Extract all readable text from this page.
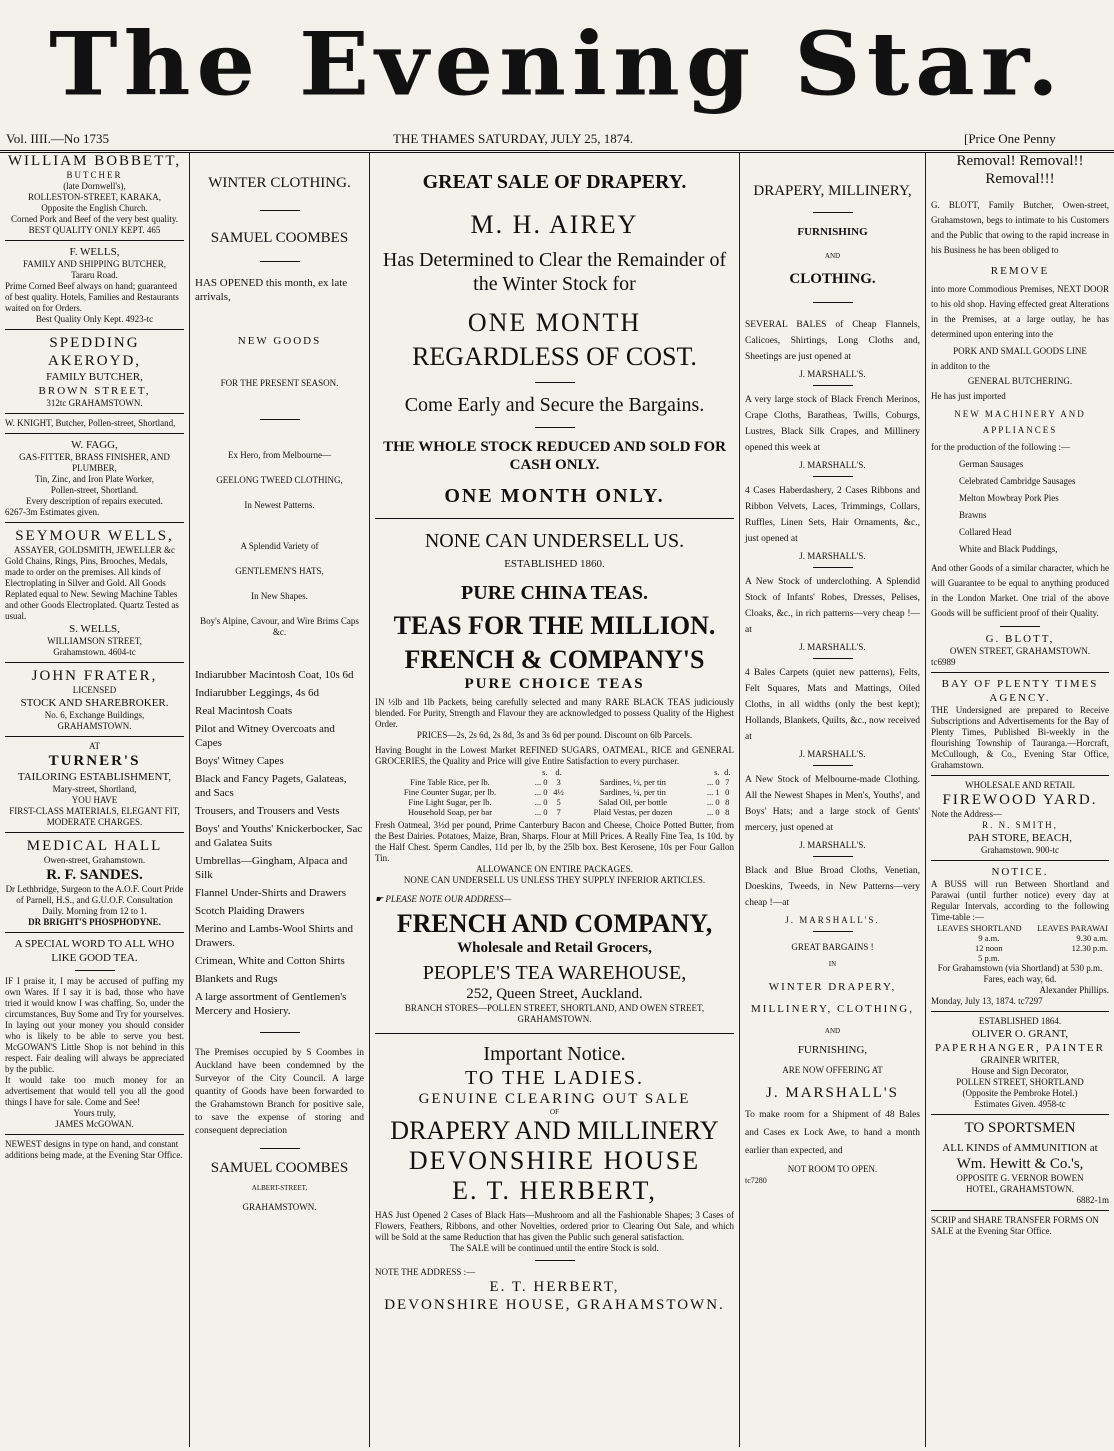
The Evening Star.
Vol. IIII.—No 1735	THE THAMES SATURDAY, JULY 25, 1874.	[Price One Penny

WILLIAM BOBBETT,

BUTCHER

(late Dornwell's),

ROLLESTON-STREET, KARAKA,

Opposite the English Church.

Corned Pork and Beef of the very best quality.

BEST QUALITY ONLY KEPT. 465

F. WELLS,

FAMILY AND SHIPPING BUTCHER,

Tararu Road.

Prime Corned Beef always on hand; guaranteed of best quality. Hotels, Families and Restaurants waited on for Orders.

Best Quality Only Kept. 4923-tc

SPEDDING AKEROYD,

FAMILY BUTCHER,

BROWN STREET,

312tc GRAHAMSTOWN.

W. KNIGHT, Butcher, Pollen-street, Shortland,

W. FAGG,

GAS-FITTER, BRASS FINISHER, AND PLUMBER,

Tin, Zinc, and Iron Plate Worker,

Pollen-street, Shortland.

Every description of repairs executed.

6267-3m Estimates given.

SEYMOUR WELLS,

ASSAYER, GOLDSMITH, JEWELLER &c

Gold Chains, Rings, Pins, Brooches, Medals, made to order on the premises. All kinds of Electroplating in Silver and Gold. All Goods Replated equal to New. Sewing Machine Tables and other Goods Electroplated. Quartz Tested as usual.

S. WELLS,

WILLIAMSON STREET,

Grahamstown. 4604-tc

JOHN FRATER,

LICENSED

STOCK AND SHAREBROKER.

No. 6, Exchange Buildings,

GRAHAMSTOWN.

AT

TURNER'S

TAILORING ESTABLISHMENT,

Mary-street, Shortland,

YOU HAVE

FIRST-CLASS MATERIALS, ELEGANT FIT, MODERATE CHARGES.

MEDICAL HALL

Owen-street, Grahamstown.

R. F. SANDES.

Dr Lethbridge, Surgeon to the A.O.F. Court Pride of Parnell, H.S., and G.U.O.F. Consultation Daily. Morning from 12 to 1.

DR BRIGHT'S PHOSPHODYNE.

A SPECIAL WORD TO ALL WHO LIKE GOOD TEA.

IF I praise it, I may be accused of puffing my own Wares. If I say it is bad, those who have tried it would know I was chaffing. So, under the circumstances, Buy Some and Try for yourselves.

In laying out your money you should consider who is likely to be able to serve you best. McGOWAN'S Little Shop is not behind in this respect. Fair dealing will always be appreciated by the public.

It would take too much money for an advertisement that would tell you all the good things I have for sale. Come and See!

Yours truly,

JAMES McGOWAN.

NEWEST designs in type on hand, and constant additions being made, at the Evening Star Office.

WINTER CLOTHING.

SAMUEL COOMBES

HAS OPENED this month, ex late arrivals,

NEW GOODS

FOR THE PRESENT SEASON.

Ex Hero, from Melbourne—

GEELONG TWEED CLOTHING,

In Newest Patterns.

A Splendid Variety of

GENTLEMEN'S HATS,

In New Shapes.

Boy's Alpine, Cavour, and Wire Brims Caps &c.

Indiarubber Macintosh Coat, 10s 6d

Indiarubber Leggings, 4s 6d

Real Macintosh Coats

Pilot and Witney Overcoats and Capes

Boys' Witney Capes

Black and Fancy Pagets, Galateas, and Sacs

Trousers, and Trousers and Vests

Boys' and Youths' Knickerbocker, Sac and Galatea Suits

Umbrellas—Gingham, Alpaca and Silk

Flannel Under-Shirts and Drawers

Scotch Plaiding Drawers

Merino and Lambs-Wool Shirts and Drawers.

Crimean, White and Cotton Shirts

Blankets and Rugs

A large assortment of Gentlemen's Mercery and Hosiery.

The Premises occupied by S Coombes in Auckland have been condemned by the Surveyor of the City Council. A large quantity of Goods have been forwarded to the Grahamstown Branch for positive sale, to save the expense of storing and consequent depreciation

SAMUEL COOMBES

ALBERT-STREET,

GRAHAMSTOWN.

GREAT SALE OF DRAPERY.

M. H. AIREY

Has Determined to Clear the Remainder of the Winter Stock for

ONE MONTH

REGARDLESS OF COST.

Come Early and Secure the Bargains.

THE WHOLE STOCK REDUCED AND SOLD FOR CASH ONLY.

ONE MONTH ONLY.

NONE CAN UNDERSELL US.

ESTABLISHED 1860.

PURE CHINA TEAS.

TEAS FOR THE MILLION.

FRENCH & COMPANY'S

PURE CHOICE TEAS

IN ½lb and 1lb Packets, being carefully selected and many RARE BLACK TEAS judiciously blended. For Purity, Strength and Flavour they are acknowledged to possess Quality of the Highest Order.

PRICES—2s, 2s 6d, 2s 8d, 3s and 3s 6d per pound. Discount on 6lb Parcels.

Having Bought in the Lowest Market REFINED SUGARS, OATMEAL, RICE and GENERAL GROCERIES, the Quality and Price will give Entire Satisfaction to every purchaser.

	s.	d.		s.	d.
Fine Table Rice, per lb.	... 0	3	Sardines, ½, per tin	... 0	7
Fine Counter Sugar, per lb.	... 0	4½	Sardines, ¼, per tin	... 1	0
Fine Light Sugar, per lb.	... 0	5	Salad Oil, per bottle	... 0	8
Household Soap, per bar	... 0	7	Plaid Vestas, per dozen	... 0	8

Fresh Oatmeal, 3½d per pound, Prime Canterbury Bacon and Cheese, Choice Potted Butter, from the Best Dairies. Potatoes, Maize, Bran, Sharps. Flour at Mill Prices. A Really Fine Tea, 1s 10d. by the Half Chest. Sperm Candles, 11d per lb, by the 25lb box. Best Kerosene, 10s per Four Gallon Tin.

ALLOWANCE ON ENTIRE PACKAGES.

NONE CAN UNDERSELL US UNLESS THEY SUPPLY INFERIOR ARTICLES.

☛ PLEASE NOTE OUR ADDRESS—

FRENCH AND COMPANY,

Wholesale and Retail Grocers,

PEOPLE'S TEA WAREHOUSE,

252, Queen Street, Auckland.

BRANCH STORES—POLLEN STREET, SHORTLAND, AND OWEN STREET, GRAHAMSTOWN.

Important Notice.

TO THE LADIES.

GENUINE CLEARING OUT SALE

OF

DRAPERY AND MILLINERY

DEVONSHIRE HOUSE

E. T. HERBERT,

HAS Just Opened 2 Cases of Black Hats—Mushroom and all the Fashionable Shapes; 3 Cases of Flowers, Feathers, Ribbons, and other Novelties, ordered prior to Clearing Out Sale, and which will be Sold at the same Reduction that has given the Public such general satisfaction.

The SALE will be continued until the entire Stock is sold.

NOTE THE ADDRESS :—

E. T. HERBERT,

DEVONSHIRE HOUSE, GRAHAMSTOWN.

DRAPERY, MILLINERY,

FURNISHING

AND

CLOTHING.

SEVERAL BALES of Cheap Flannels, Calicoes, Shirtings, Long Cloths and, Sheetings are just opened at

J. MARSHALL'S.

A very large stock of Black French Merinos, Crape Cloths, Baratheas, Twills, Coburgs, Lustres, Black Silk Crapes, and Millinery opened this week at

J. MARSHALL'S.

4 Cases Haberdashery, 2 Cases Ribbons and Ribbon Velvets, Laces, Trimmings, Collars, Ruffles, Linen Sets, Hair Ornaments, &c., just opened at

J. MARSHALL'S.

A New Stock of underclothing. A Splendid Stock of Infants' Robes, Dresses, Pelises, Cloaks, &c., in rich patterns—very cheap !—at

J. MARSHALL'S.

4 Bales Carpets (quiet new patterns), Felts, Felt Squares, Mats and Mattings, Oiled Cloths, in all widths (only the best kept); Hollands, Blankets, Quilts, &c., now received at

J. MARSHALL'S.

A New Stock of Melbourne-made Clothing. All the Newest Shapes in Men's, Youths', and Boys' Hats; and a large stock of Gents' mercery, just opened at

J. MARSHALL'S.

Black and Blue Broad Cloths, Venetian, Doeskins, Tweeds, in New Patterns—very cheap !—at

J. MARSHALL'S.

GREAT BARGAINS !

IN

WINTER DRAPERY, MILLINERY, CLOTHING,

AND

FURNISHING,

ARE NOW OFFERING AT

J. MARSHALL'S

To make room for a Shipment of 48 Bales and Cases ex Lock Awe, to hand a month earlier than expected, and

NOT ROOM TO OPEN.

tc7280

Removal! Removal!!

Removal!!!

G. BLOTT, Family Butcher, Owen-street, Grahamstown, begs to intimate to his Customers and the Public that owing to the rapid increase in his Business he has been obliged to

REMOVE

into more Commodious Premises, NEXT DOOR to his old shop. Having effected great Alterations in the Premises, at a large outlay, he has determined upon entering into the

PORK AND SMALL GOODS LINE

in additon to the

GENERAL BUTCHERING.

He has just imported

NEW MACHINERY AND APPLIANCES

for the production of the following :—

German Sausages

Celebrated Cambridge Sausages

Melton Mowbray Pork Pies

Brawns

Collared Head

White and Black Puddings,

And other Goods of a similar character, which he will Guarantee to be equal to anything produced in the London Market. One trial of the above Goods will be sufficient proof of their Quality.

G. BLOTT,

OWEN STREET, GRAHAMSTOWN.

tc6989

BAY OF PLENTY TIMES AGENCY.

THE Undersigned are prepared to Receive Subscriptions and Advertisements for the Bay of Plenty Times, Published Bi-weekly in the flourishing Township of Tauranga.—Horcraft, McCullough, & Co., Evening Star Office, Grahamstown.

WHOLESALE AND RETAIL

FIREWOOD YARD.

Note the Address—

R. N. SMITH,

PAH STORE, BEACH,

Grahamstown. 900-tc

NOTICE.

A BUSS will run Between Shortland and Parawai (until further notice) every day at Regular Intervals, according to the following Time-table :—

LEAVES SHORTLAND	LEAVES PARAWAI
9 a.m.	9.30 a.m.
12 noon	12.30 p.m.
5 p.m.	

For Grahamstown (via Shortland) at 530 p.m. Fares, each way, 6d.

Alexander Phillips.

Monday, July 13, 1874. tc7297

ESTABLISHED 1864.

OLIVER O. GRANT,

PAPERHANGER, PAINTER

GRAINER WRITER,

House and Sign Decorator,

POLLEN STREET, SHORTLAND

(Opposite the Pembroke Hotel.)

Estimates Given. 4958-tc

TO SPORTSMEN

ALL KINDS of AMMUNITION at

Wm. Hewitt & Co.'s,

OPPOSITE G. VERNOR BOWEN

HOTEL, GRAHAMSTOWN.

6882-1m

SCRIP and SHARE TRANSFER FORMS ON SALE at the Evening Star Office.
